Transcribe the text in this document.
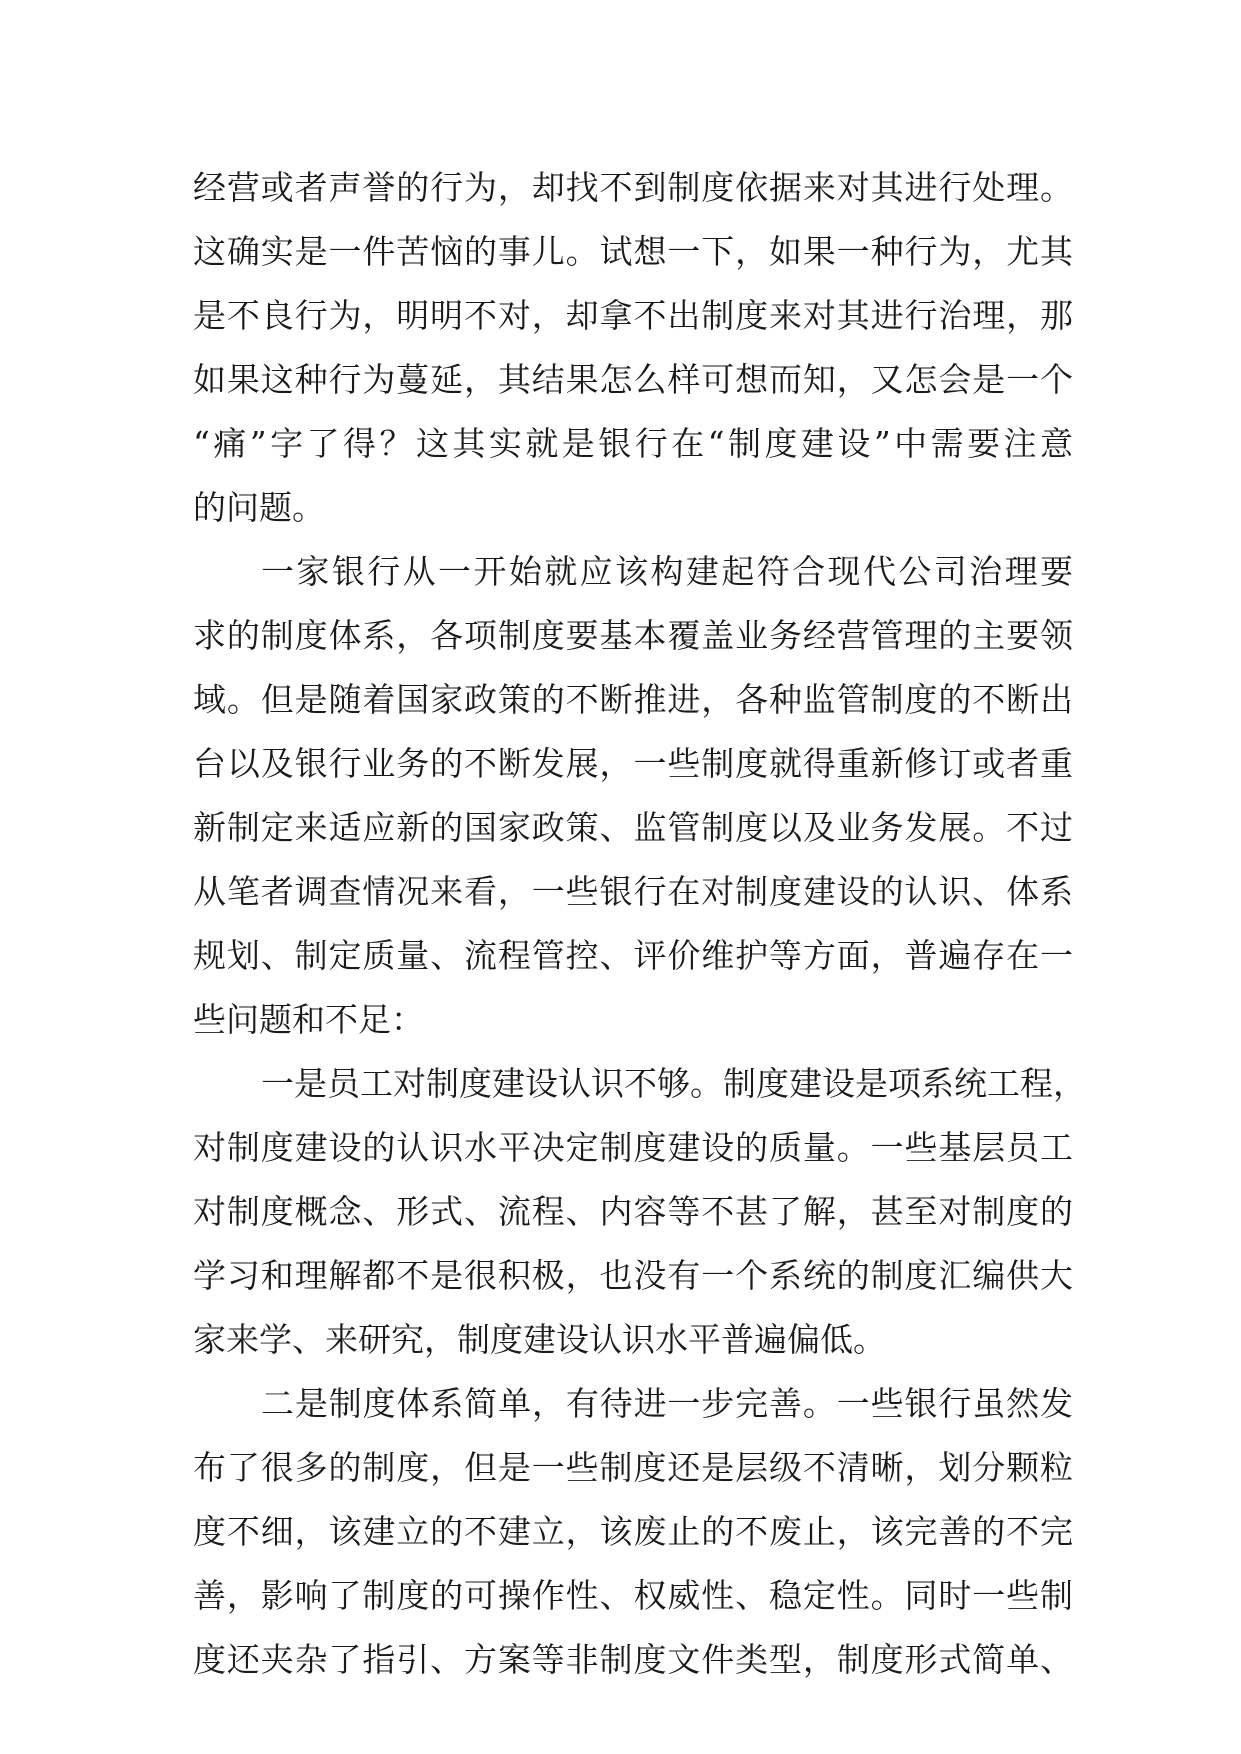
经营或者声誉的行为，却找不到制度依据来对其进行处理。
这确实是一件苦恼的事儿。试想一下，如果一种行为，尤其
是不良行为，明明不对，却拿不出制度来对其进行治理，那
如果这种行为蔓延，其结果怎么样可想而知，又怎会是一个
“痛”字了得？这其实就是银行在“制度建设”中需要注意
的问题。
一家银行从一开始就应该构建起符合现代公司治理要
求的制度体系，各项制度要基本覆盖业务经营管理的主要领
域。但是随着国家政策的不断推进，各种监管制度的不断出
台以及银行业务的不断发展，一些制度就得重新修订或者重
新制定来适应新的国家政策、监管制度以及业务发展。不过
从笔者调查情况来看，一些银行在对制度建设的认识、体系
规划、制定质量、流程管控、评价维护等方面，普遍存在一
些问题和不足：
一是员工对制度建设认识不够。制度建设是项系统工程，
对制度建设的认识水平决定制度建设的质量。一些基层员工
对制度概念、形式、流程、内容等不甚了解，甚至对制度的
学习和理解都不是很积极，也没有一个系统的制度汇编供大
家来学、来研究，制度建设认识水平普遍偏低。
二是制度体系简单，有待进一步完善。一些银行虽然发
布了很多的制度，但是一些制度还是层级不清晰，划分颗粒
度不细，该建立的不建立，该废止的不废止，该完善的不完
善，影响了制度的可操作性、权威性、稳定性。同时一些制
度还夹杂了指引、方案等非制度文件类型，制度形式简单、
